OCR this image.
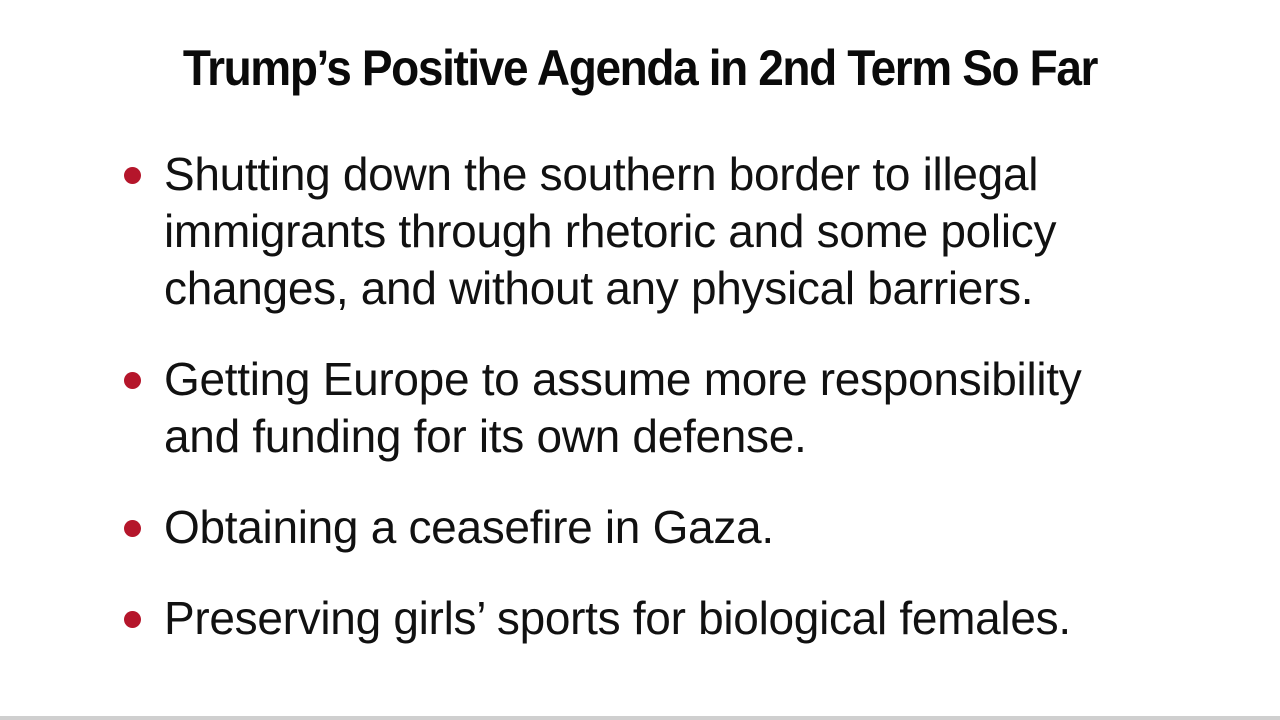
Trump’s Positive Agenda in 2nd Term So Far
Shutting down the southern border to illegal
immigrants through rhetoric and some policy
changes, and without any physical barriers.
Getting Europe to assume more responsibility
and funding for its own defense.
Obtaining a ceasefire in Gaza.
Preserving girls’ sports for biological females.
